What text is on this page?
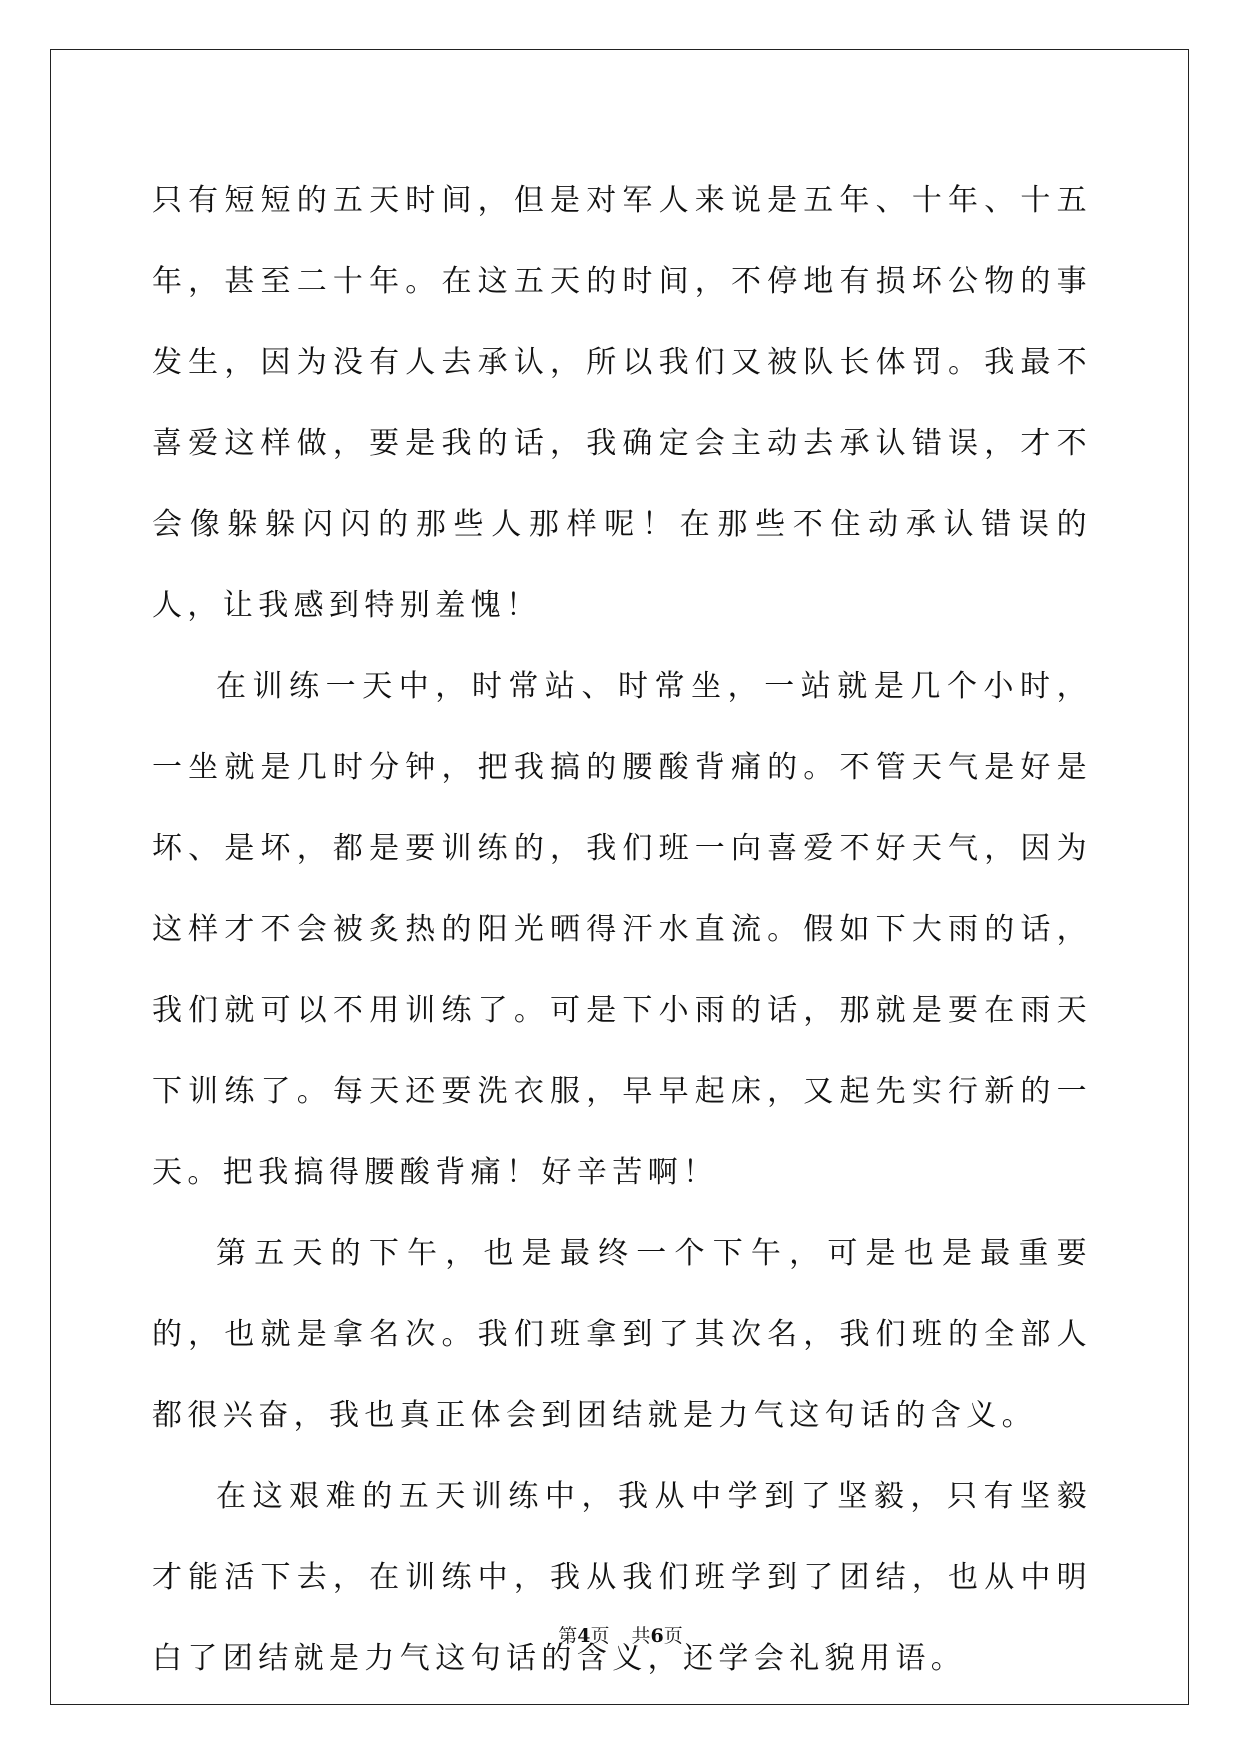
只有短短的五天时间，但是对军人来说是五年、十年、十五年，甚至二十年。在这五天的时间，不停地有损坏公物的事发生，因为没有人去承认，所以我们又被队长体罚。我最不喜爱这样做，要是我的话，我确定会主动去承认错误，才不会像躲躲闪闪的那些人那样呢！在那些不住动承认错误的人，让我感到特别羞愧！

在训练一天中，时常站、时常坐，一站就是几个小时，一坐就是几时分钟，把我搞的腰酸背痛的。不管天气是好是坏、是坏，都是要训练的，我们班一向喜爱不好天气，因为这样才不会被炙热的阳光晒得汗水直流。假如下大雨的话，我们就可以不用训练了。可是下小雨的话，那就是要在雨天下训练了。每天还要洗衣服，早早起床，又起先实行新的一天。把我搞得腰酸背痛！好辛苦啊！

第五天的下午，也是最终一个下午，可是也是最重要的，也就是拿名次。我们班拿到了其次名，我们班的全部人都很兴奋，我也真正体会到团结就是力气这句话的含义。

在这艰难的五天训练中，我从中学到了坚毅，只有坚毅才能活下去，在训练中，我从我们班学到了团结，也从中明白了团结就是力气这句话的含义，还学会礼貌用语。

第4页 共6页
